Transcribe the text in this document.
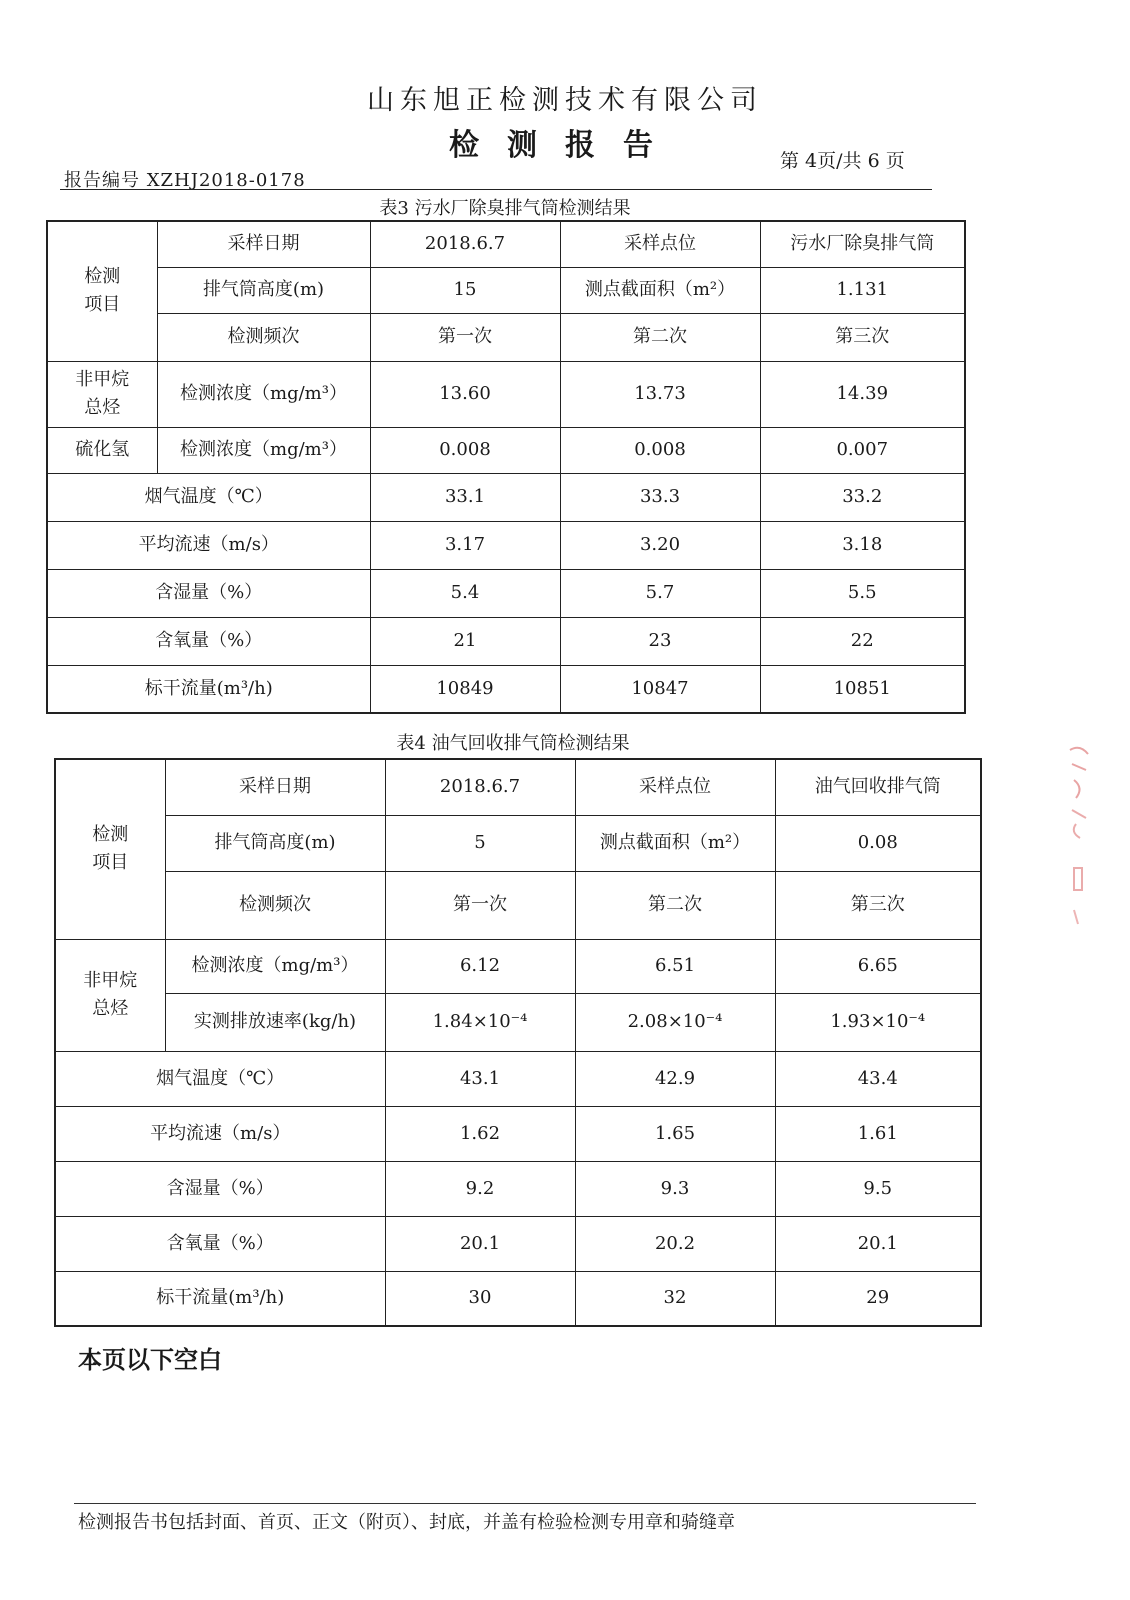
山东旭正检测技术有限公司
检测报告	第 4页/共 6 页
报告编号 XZHJ2018-0178
表3 污水厂除臭排气筒检测结果
检测
项目	采样日期	2018.6.7	采样点位	污水厂除臭排气筒
	排气筒高度(m)	15	测点截面积（m²）	1.131
	检测频次	第一次	第二次	第三次
非甲烷
总烃	检测浓度（mg/m³）	13.60	13.73	14.39
硫化氢	检测浓度（mg/m³）	0.008	0.008	0.007
烟气温度（℃）		33.1	33.3	33.2
平均流速（m/s）		3.17	3.20	3.18
含湿量（%）		5.4	5.7	5.5
含氧量（%）		21	23	22
标干流量(m³/h)		10849	10847	10851
表4 油气回收排气筒检测结果
检测
项目	采样日期	2018.6.7	采样点位	油气回收排气筒
	排气筒高度(m)	5	测点截面积（m²）	0.08
	检测频次	第一次	第二次	第三次
非甲烷
总烃	检测浓度（mg/m³）	6.12	6.51	6.65
	实测排放速率(kg/h)	1.84×10⁻⁴	2.08×10⁻⁴	1.93×10⁻⁴
烟气温度（℃）		43.1	42.9	43.4
平均流速（m/s）		1.62	1.65	1.61
含湿量（%）		9.2	9.3	9.5
含氧量（%）		20.1	20.2	20.1
标干流量(m³/h)		30	32	29
本页以下空白
检测报告书包括封面、首页、正文（附页）、封底，并盖有检验检测专用章和骑缝章
